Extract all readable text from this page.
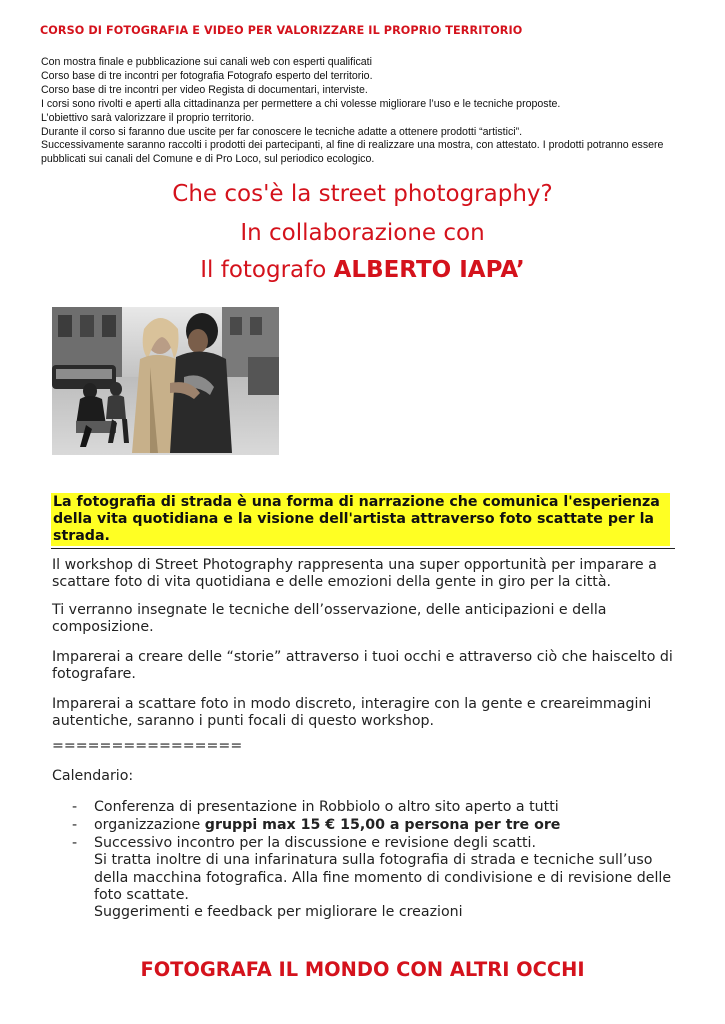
CORSO DI FOTOGRAFIA E VIDEO PER VALORIZZARE IL PROPRIO TERRITORIO

Con mostra finale e pubblicazione sui canali web con esperti qualificati

Corso base di tre incontri per fotografia Fotografo esperto del territorio.

Corso base di tre incontri per video Regista di documentari, interviste.

I corsi sono rivolti e aperti alla cittadinanza per permettere a chi volesse migliorare l’uso e le tecniche proposte.

L’obiettivo sarà valorizzare il proprio territorio.

Durante il corso si faranno due uscite per far conoscere le tecniche adatte a ottenere prodotti “artistici”.

Successivamente saranno raccolti i prodotti dei partecipanti, al fine di realizzare una mostra, con attestato. I prodotti potranno essere pubblicati sui canali del Comune e di Pro Loco, sul periodico ecologico.

Che cos'è la street photography?
In collaborazione con
Il fotografo ALBERTO IAPA’
La fotografia di strada è una forma di narrazione che comunica l'esperienza della vita quotidiana e la visione dell'artista attraverso foto scattate per la strada.

Il workshop di Street Photography rappresenta una super opportunità per imparare a scattare foto di vita quotidiana e delle emozioni della gente in giro per la città.

Ti verranno insegnate le tecniche dell’osservazione, delle anticipazioni e della composizione.

Imparerai a creare delle “storie” attraverso i tuoi occhi e attraverso ciò che haiscelto di fotografare.

Imparerai a scattare foto in modo discreto, interagire con la gente e creareimmagini autentiche, saranno i punti focali di questo workshop.

================
Calendario:
- Conferenza di presentazione in Robbiolo o altro sito aperto a tutti
- organizzazione gruppi max 15 € 15,00 a persona per tre ore
- Successivo incontro per la discussione e revisione degli scatti.
Si tratta inoltre di una infarinatura sulla fotografia di strada e tecniche sull’uso della macchina fotografica. Alla fine momento di condivisione e di revisione delle foto scattate.
Suggerimenti e feedback per migliorare le creazioni
FOTOGRAFA IL MONDO CON ALTRI OCCHI
